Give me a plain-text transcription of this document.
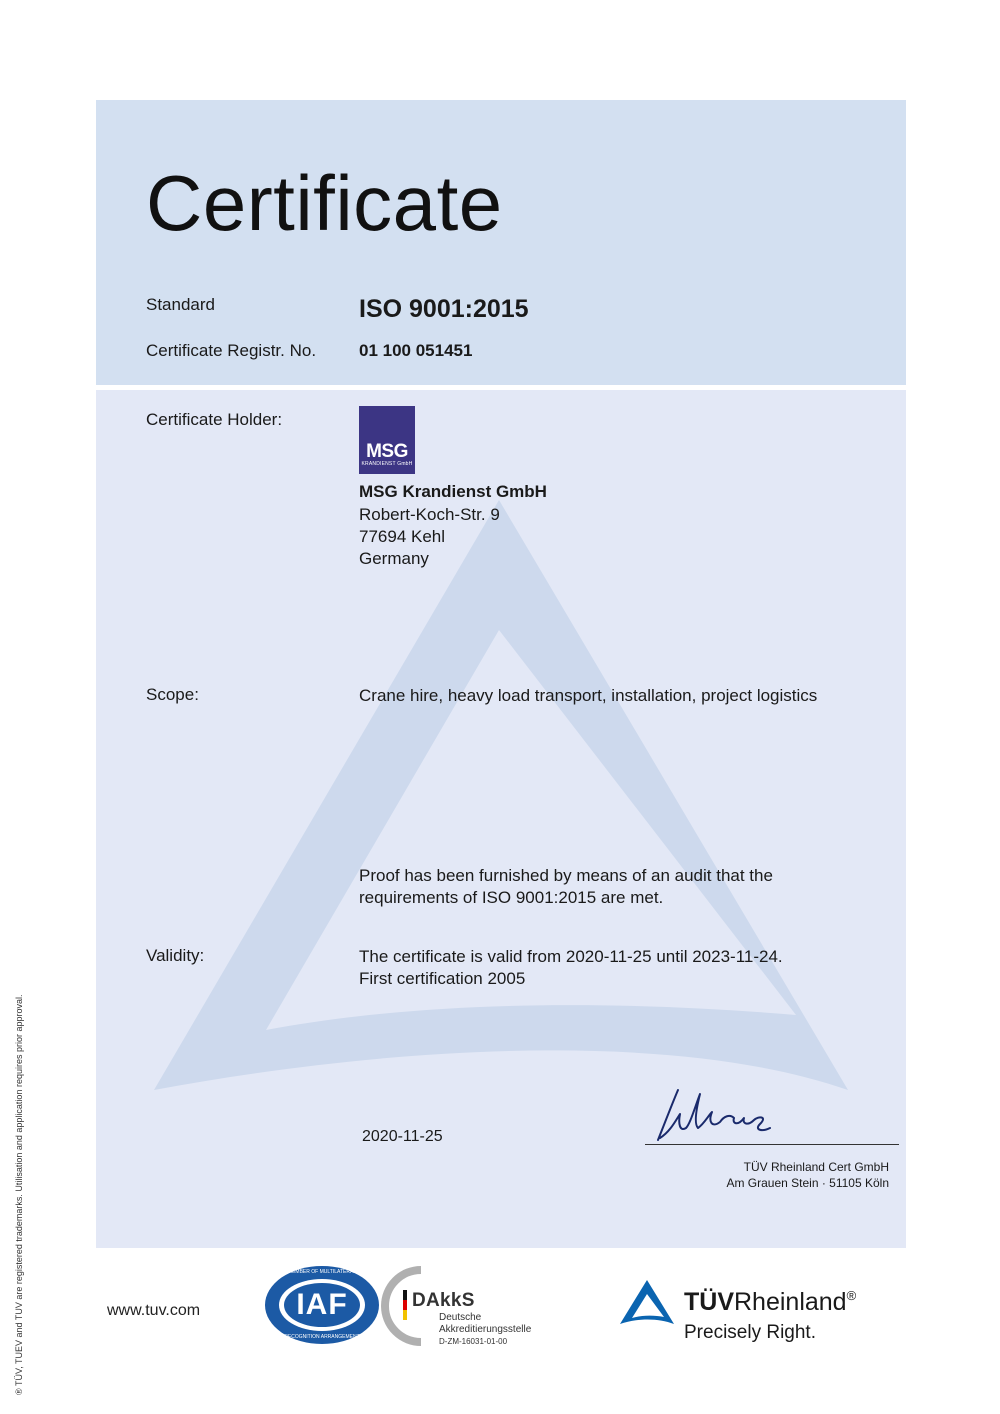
Certificate
Standard	ISO 9001:2015
Certificate Registr. No.	01 100 051451
Certificate Holder:
MSG
KRANDIENST GmbH
MSG Krandienst GmbH
Robert-Koch-Str. 9
77694 Kehl
Germany
Scope:	Crane hire, heavy load transport, installation, project logistics
Proof has been furnished by means of an audit that the
requirements of ISO 9001:2015 are met.
Validity:	The certificate is valid from 2020-11-25 until 2023-11-24.
First certification 2005
2020-11-25
TÜV Rheinland Cert GmbH
Am Grauen Stein · 51105 Köln
® TÜV, TUEV and TUV are registered trademarks. Utilisation and application requires prior approval.	www.tuv.com	IAF
MEMBER OF MULTILATERAL
RECOGNITION ARRANGEMENT
DAkkS
Deutsche
Akkreditierungsstelle
D-ZM-16031-01-00
TÜVRheinland®
Precisely Right.
